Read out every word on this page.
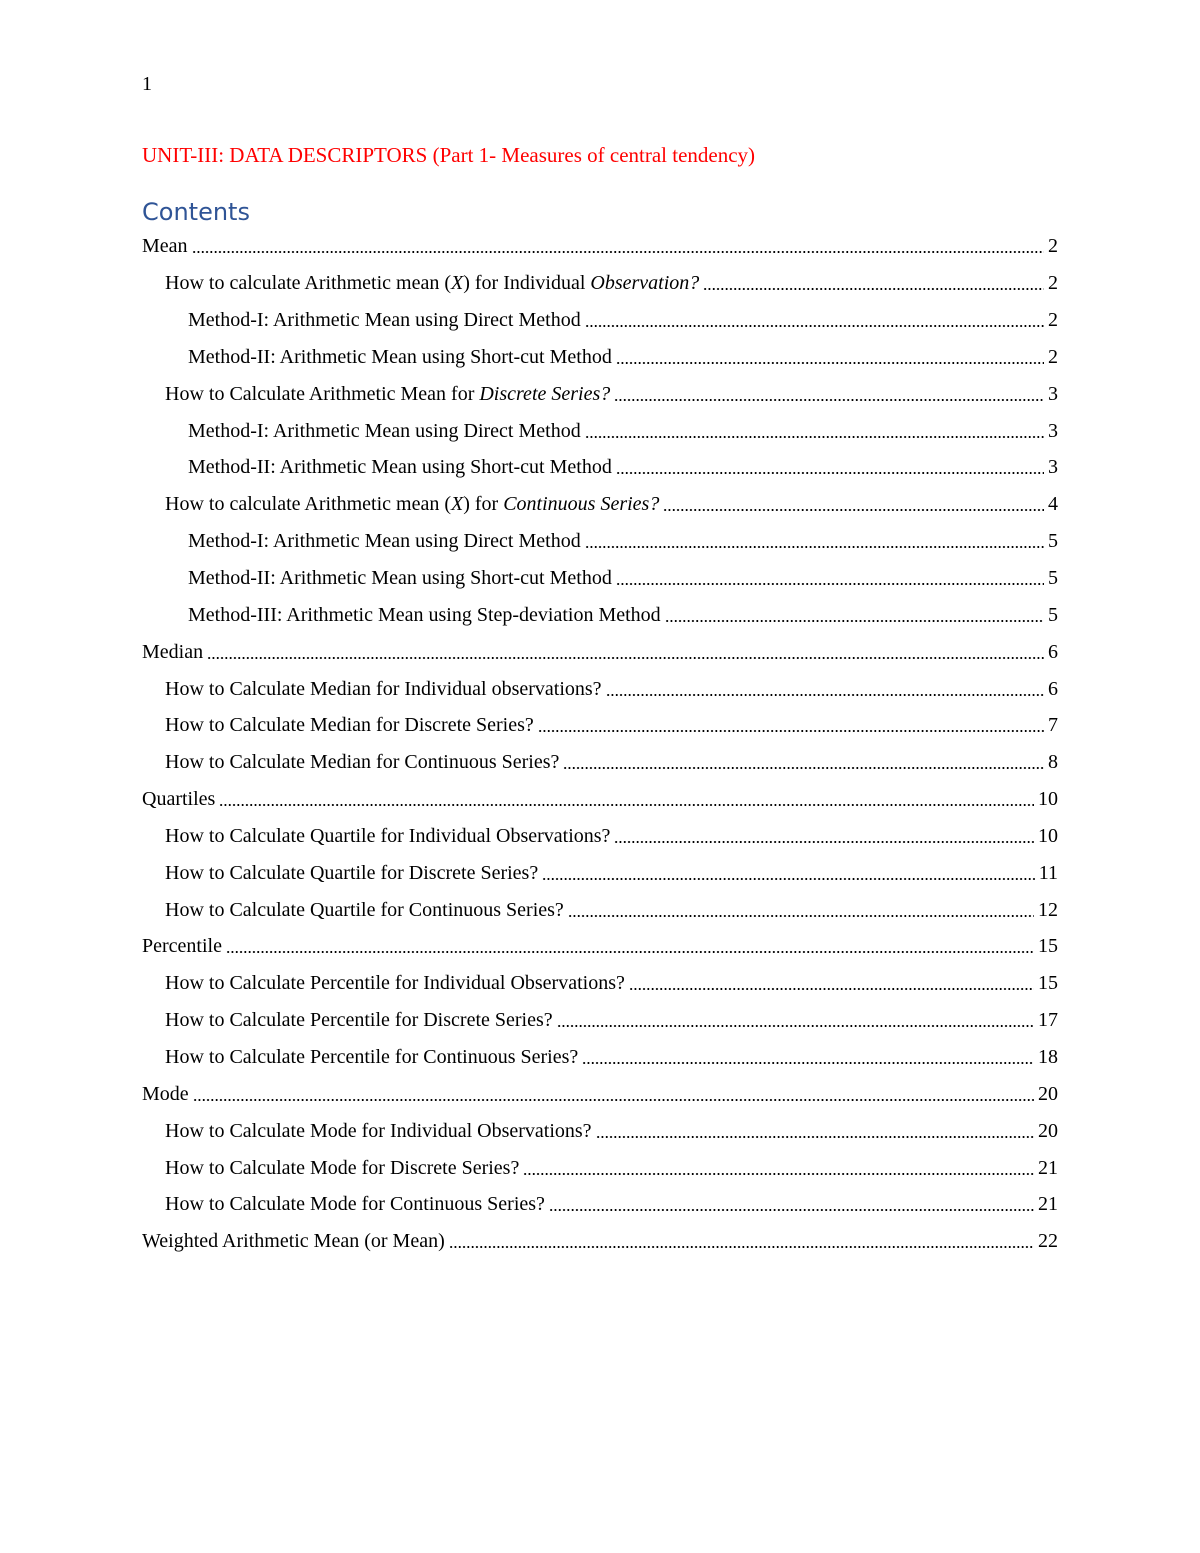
1
UNIT-III: DATA DESCRIPTORS (Part 1- Measures of central tendency)
Contents
Mean	2
How to calculate Arithmetic mean (X) for Individual Observation?	2
Method-I: Arithmetic Mean using Direct Method	2
Method-II: Arithmetic Mean using Short-cut Method	2
How to Calculate Arithmetic Mean for Discrete Series?	3
Method-I: Arithmetic Mean using Direct Method	3
Method-II: Arithmetic Mean using Short-cut Method	3
How to calculate Arithmetic mean (X) for Continuous Series?	4
Method-I: Arithmetic Mean using Direct Method	5
Method-II: Arithmetic Mean using Short-cut Method	5
Method-III: Arithmetic Mean using Step-deviation Method	5
Median	6
How to Calculate Median for Individual observations?	6
How to Calculate Median for Discrete Series?	7
How to Calculate Median for Continuous Series?	8
Quartiles	10
How to Calculate Quartile for Individual Observations?	10
How to Calculate Quartile for Discrete Series?	11
How to Calculate Quartile for Continuous Series?	12
Percentile	15
How to Calculate Percentile for Individual Observations?	15
How to Calculate Percentile for Discrete Series?	17
How to Calculate Percentile for Continuous Series?	18
Mode	20
How to Calculate Mode for Individual Observations?	20
How to Calculate Mode for Discrete Series?	21
How to Calculate Mode for Continuous Series?	21
Weighted Arithmetic Mean (or Mean)	22
